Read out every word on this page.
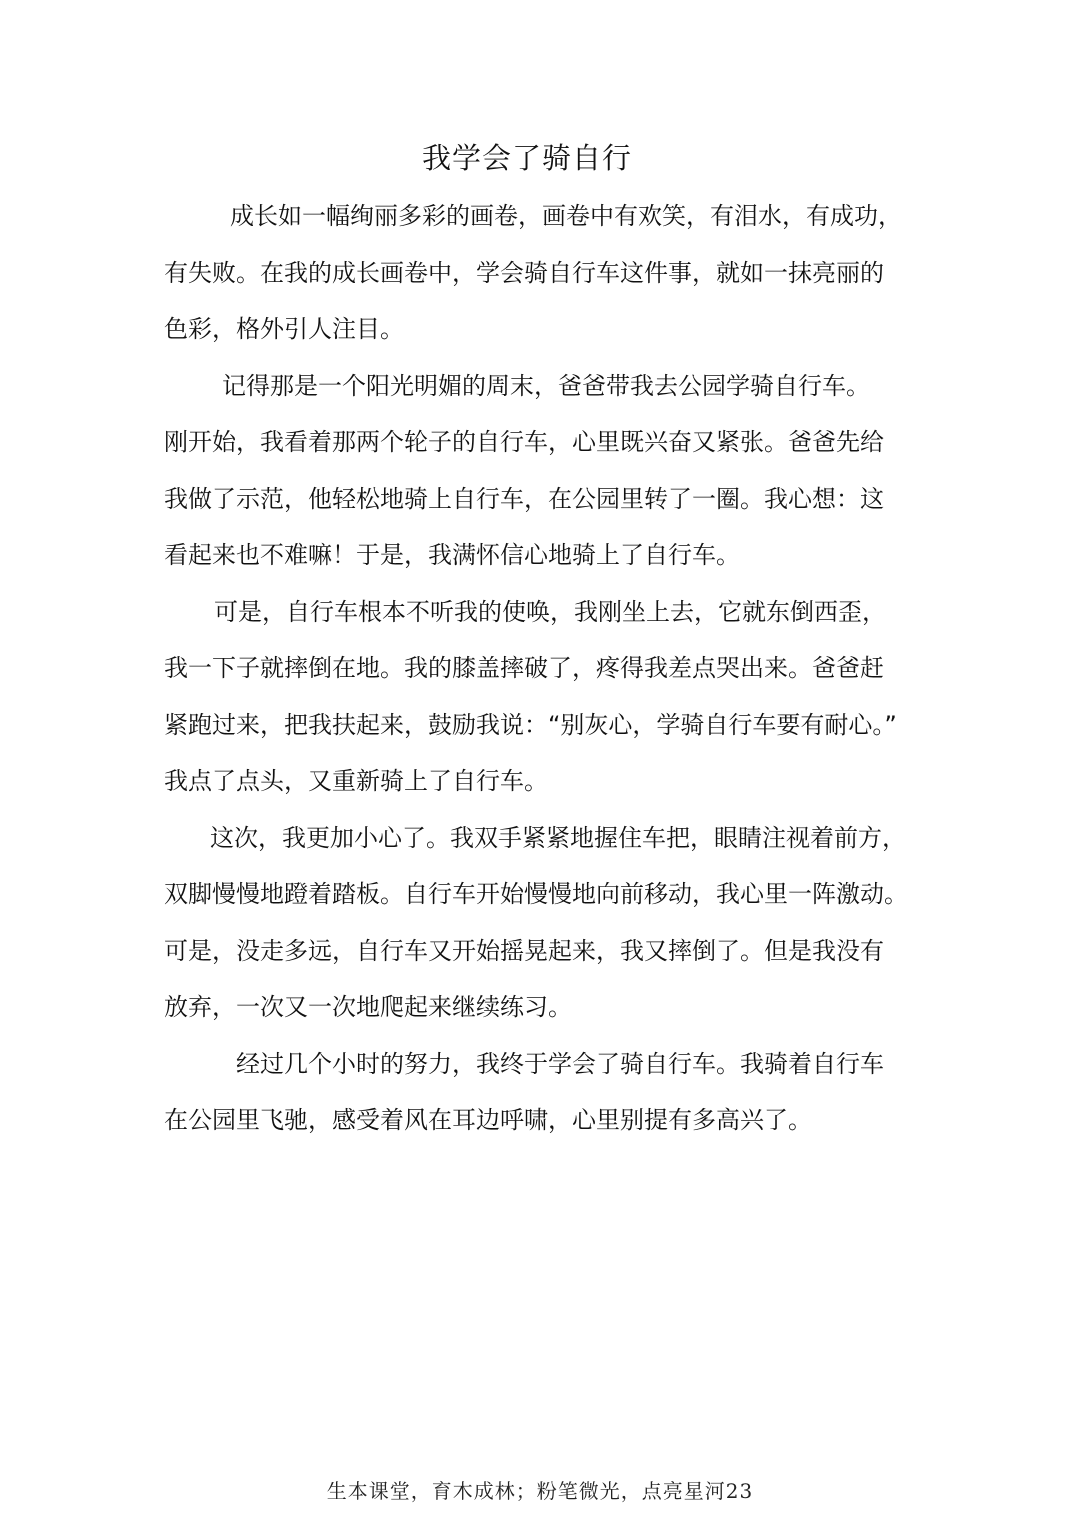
我学会了骑自行
成长如一幅绚丽多彩的画卷，画卷中有欢笑，有泪水，有成功，
有失败。在我的成长画卷中，学会骑自行车这件事，就如一抹亮丽的
色彩，格外引人注目。
记得那是一个阳光明媚的周末，爸爸带我去公园学骑自行车。
刚开始，我看着那两个轮子的自行车，心里既兴奋又紧张。爸爸先给
我做了示范，他轻松地骑上自行车，在公园里转了一圈。我心想：这
看起来也不难嘛！于是，我满怀信心地骑上了自行车。
可是，自行车根本不听我的使唤，我刚坐上去，它就东倒西歪，
我一下子就摔倒在地。我的膝盖摔破了，疼得我差点哭出来。爸爸赶
紧跑过来，把我扶起来，鼓励我说：“别灰心，学骑自行车要有耐心。”
我点了点头，又重新骑上了自行车。
这次，我更加小心了。我双手紧紧地握住车把，眼睛注视着前方，
双脚慢慢地蹬着踏板。自行车开始慢慢地向前移动，我心里一阵激动。
可是，没走多远，自行车又开始摇晃起来，我又摔倒了。但是我没有
放弃，一次又一次地爬起来继续练习。
经过几个小时的努力，我终于学会了骑自行车。我骑着自行车
在公园里飞驰，感受着风在耳边呼啸，心里别提有多高兴了。
生本课堂，育木成林；粉笔微光，点亮星河23
